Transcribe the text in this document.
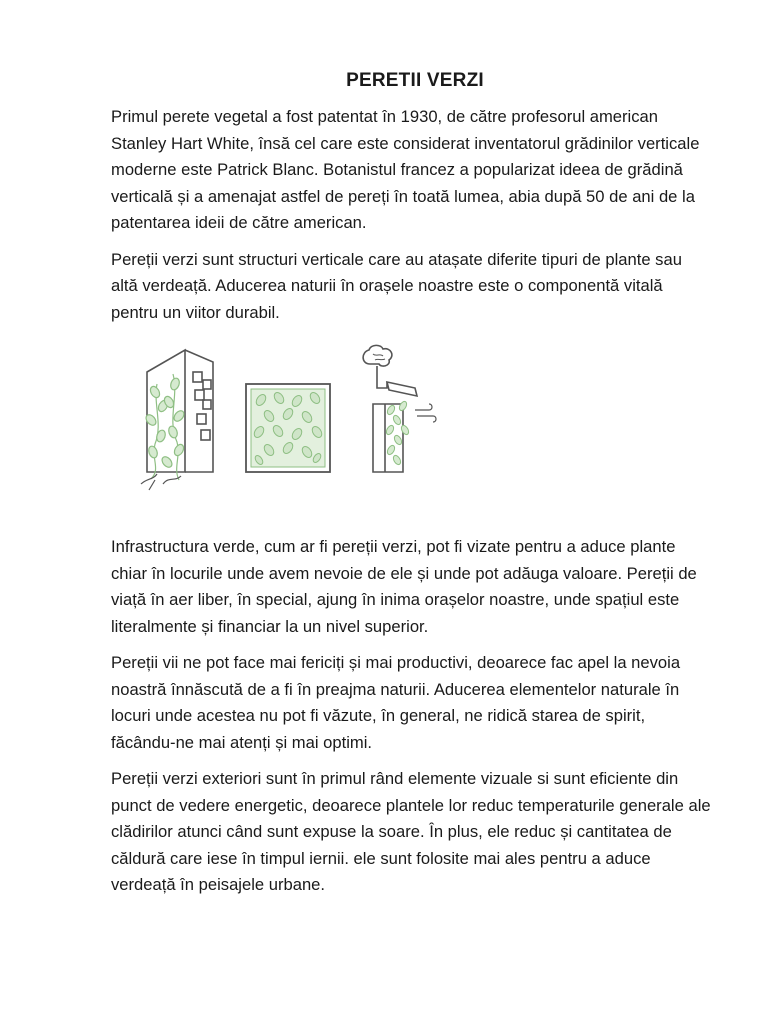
PERETII VERZI

Primul perete vegetal a fost patentat în 1930, de către profesorul american Stanley Hart White, însă cel care este considerat inventatorul grădinilor verticale moderne este Patrick Blanc. Botanistul francez a popularizat ideea de grădină verticală și a amenajat astfel de pereți în toată lumea, abia după 50 de ani de la patentarea ideii de către american.

Pereții verzi sunt structuri verticale care au atașate diferite tipuri de plante sau altă verdeață. Aducerea naturii în orașele noastre este o componentă vitală pentru un viitor durabil.

Infrastructura verde, cum ar fi pereții verzi, pot fi vizate pentru a aduce plante chiar în locurile unde avem nevoie de ele și unde pot adăuga valoare. Pereții de viață în aer liber, în special, ajung în inima orașelor noastre, unde spațiul este literalmente și financiar la un nivel superior.

Pereții vii ne pot face mai fericiți și mai productivi, deoarece fac apel la nevoia noastră înnăscută de a fi în preajma naturii. Aducerea elementelor naturale în locuri unde acestea nu pot fi văzute, în general, ne ridică starea de spirit, făcându-ne mai atenți și mai optimi.

Pereții verzi exteriori sunt în primul rând elemente vizuale si sunt eficiente din punct de vedere energetic, deoarece plantele lor reduc temperaturile generale ale clădirilor atunci când sunt expuse la soare. În plus, ele reduc și cantitatea de căldură care iese în timpul iernii. ele sunt folosite mai ales pentru a aduce verdeață în peisajele urbane.
